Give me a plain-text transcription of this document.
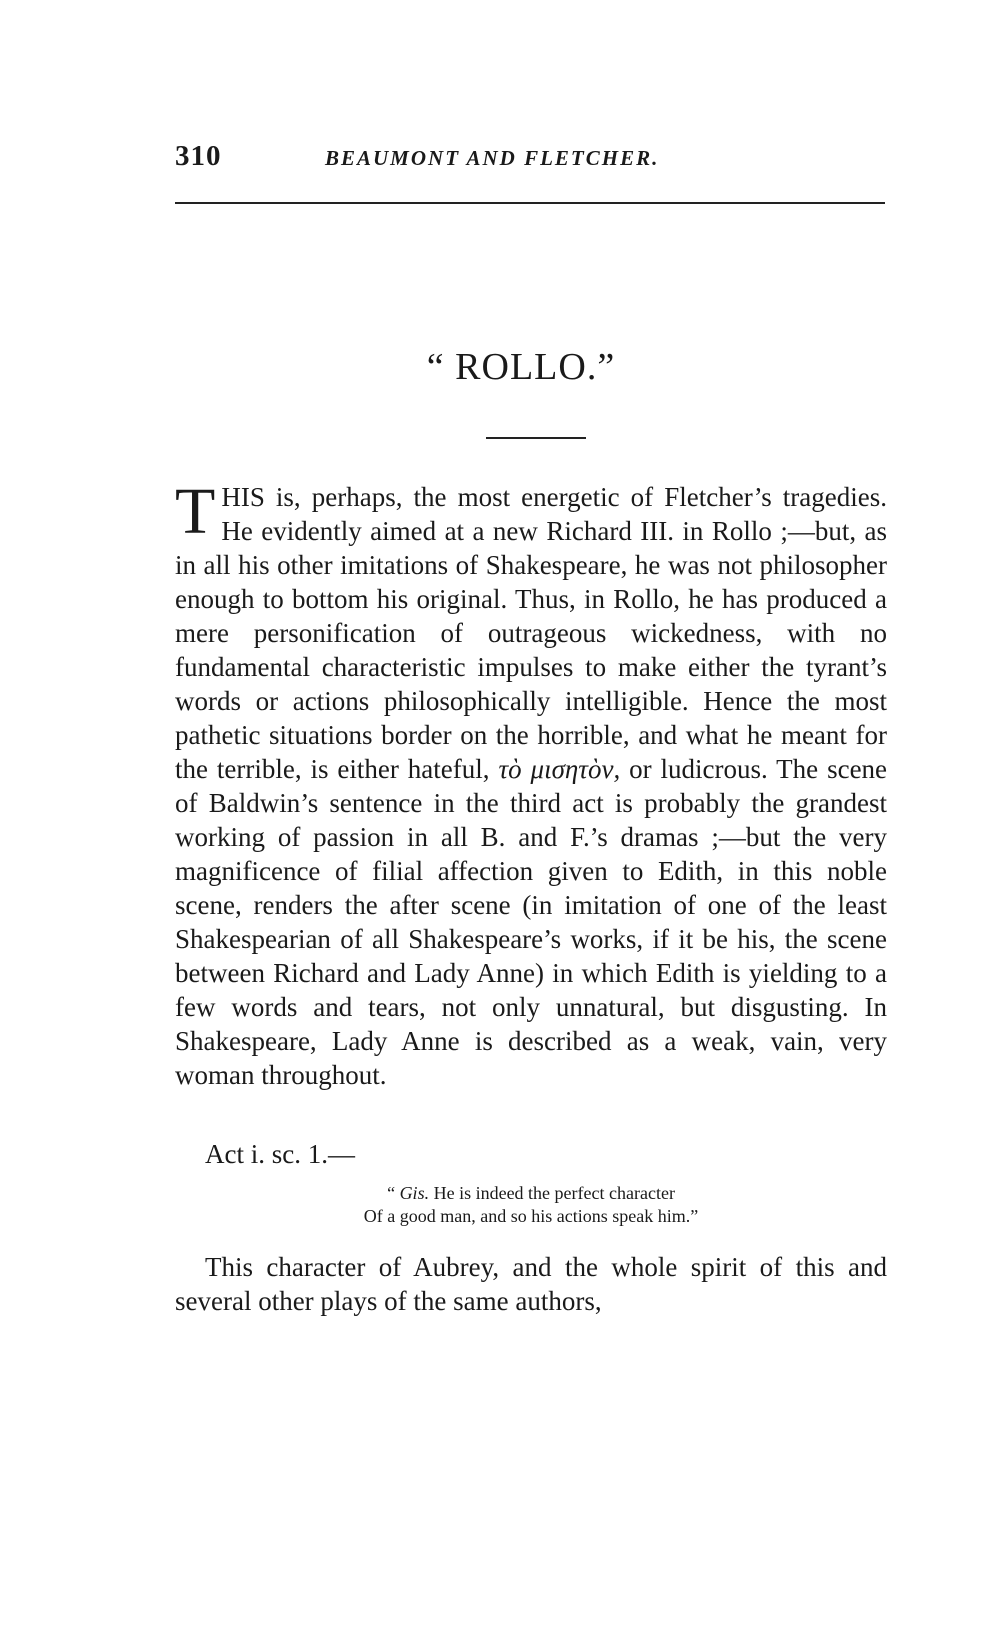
310	BEAUMONT AND FLETCHER.
“ ROLLO.”

THIS is, perhaps, the most energetic of Fletcher’s tragedies. He evidently aimed at a new Richard III. in Rollo ;—but, as in all his other imitations of Shakespeare, he was not philosopher enough to bottom his original. Thus, in Rollo, he has produced a mere personification of outrageous wickedness, with no fundamental characteristic impulses to make either the tyrant’s words or actions philosophically intelligible. Hence the most pathetic situations border on the horrible, and what he meant for the terrible, is either hateful, τὸ μισητὸν, or ludicrous. The scene of Baldwin’s sentence in the third act is probably the grandest working of passion in all B. and F.’s dramas ;—but the very magnificence of filial affection given to Edith, in this noble scene, renders the after scene (in imitation of one of the least Shakespearian of all Shakespeare’s works, if it be his, the scene between Richard and Lady Anne) in which Edith is yielding to a few words and tears, not only unnatural, but disgusting. In Shakespeare, Lady Anne is described as a weak, vain, very woman throughout.

Act i. sc. 1.—

“ Gis. He is indeed the perfect character
Of a good man, and so his actions speak him.”

This character of Aubrey, and the whole spirit of this and several other plays of the same authors,
